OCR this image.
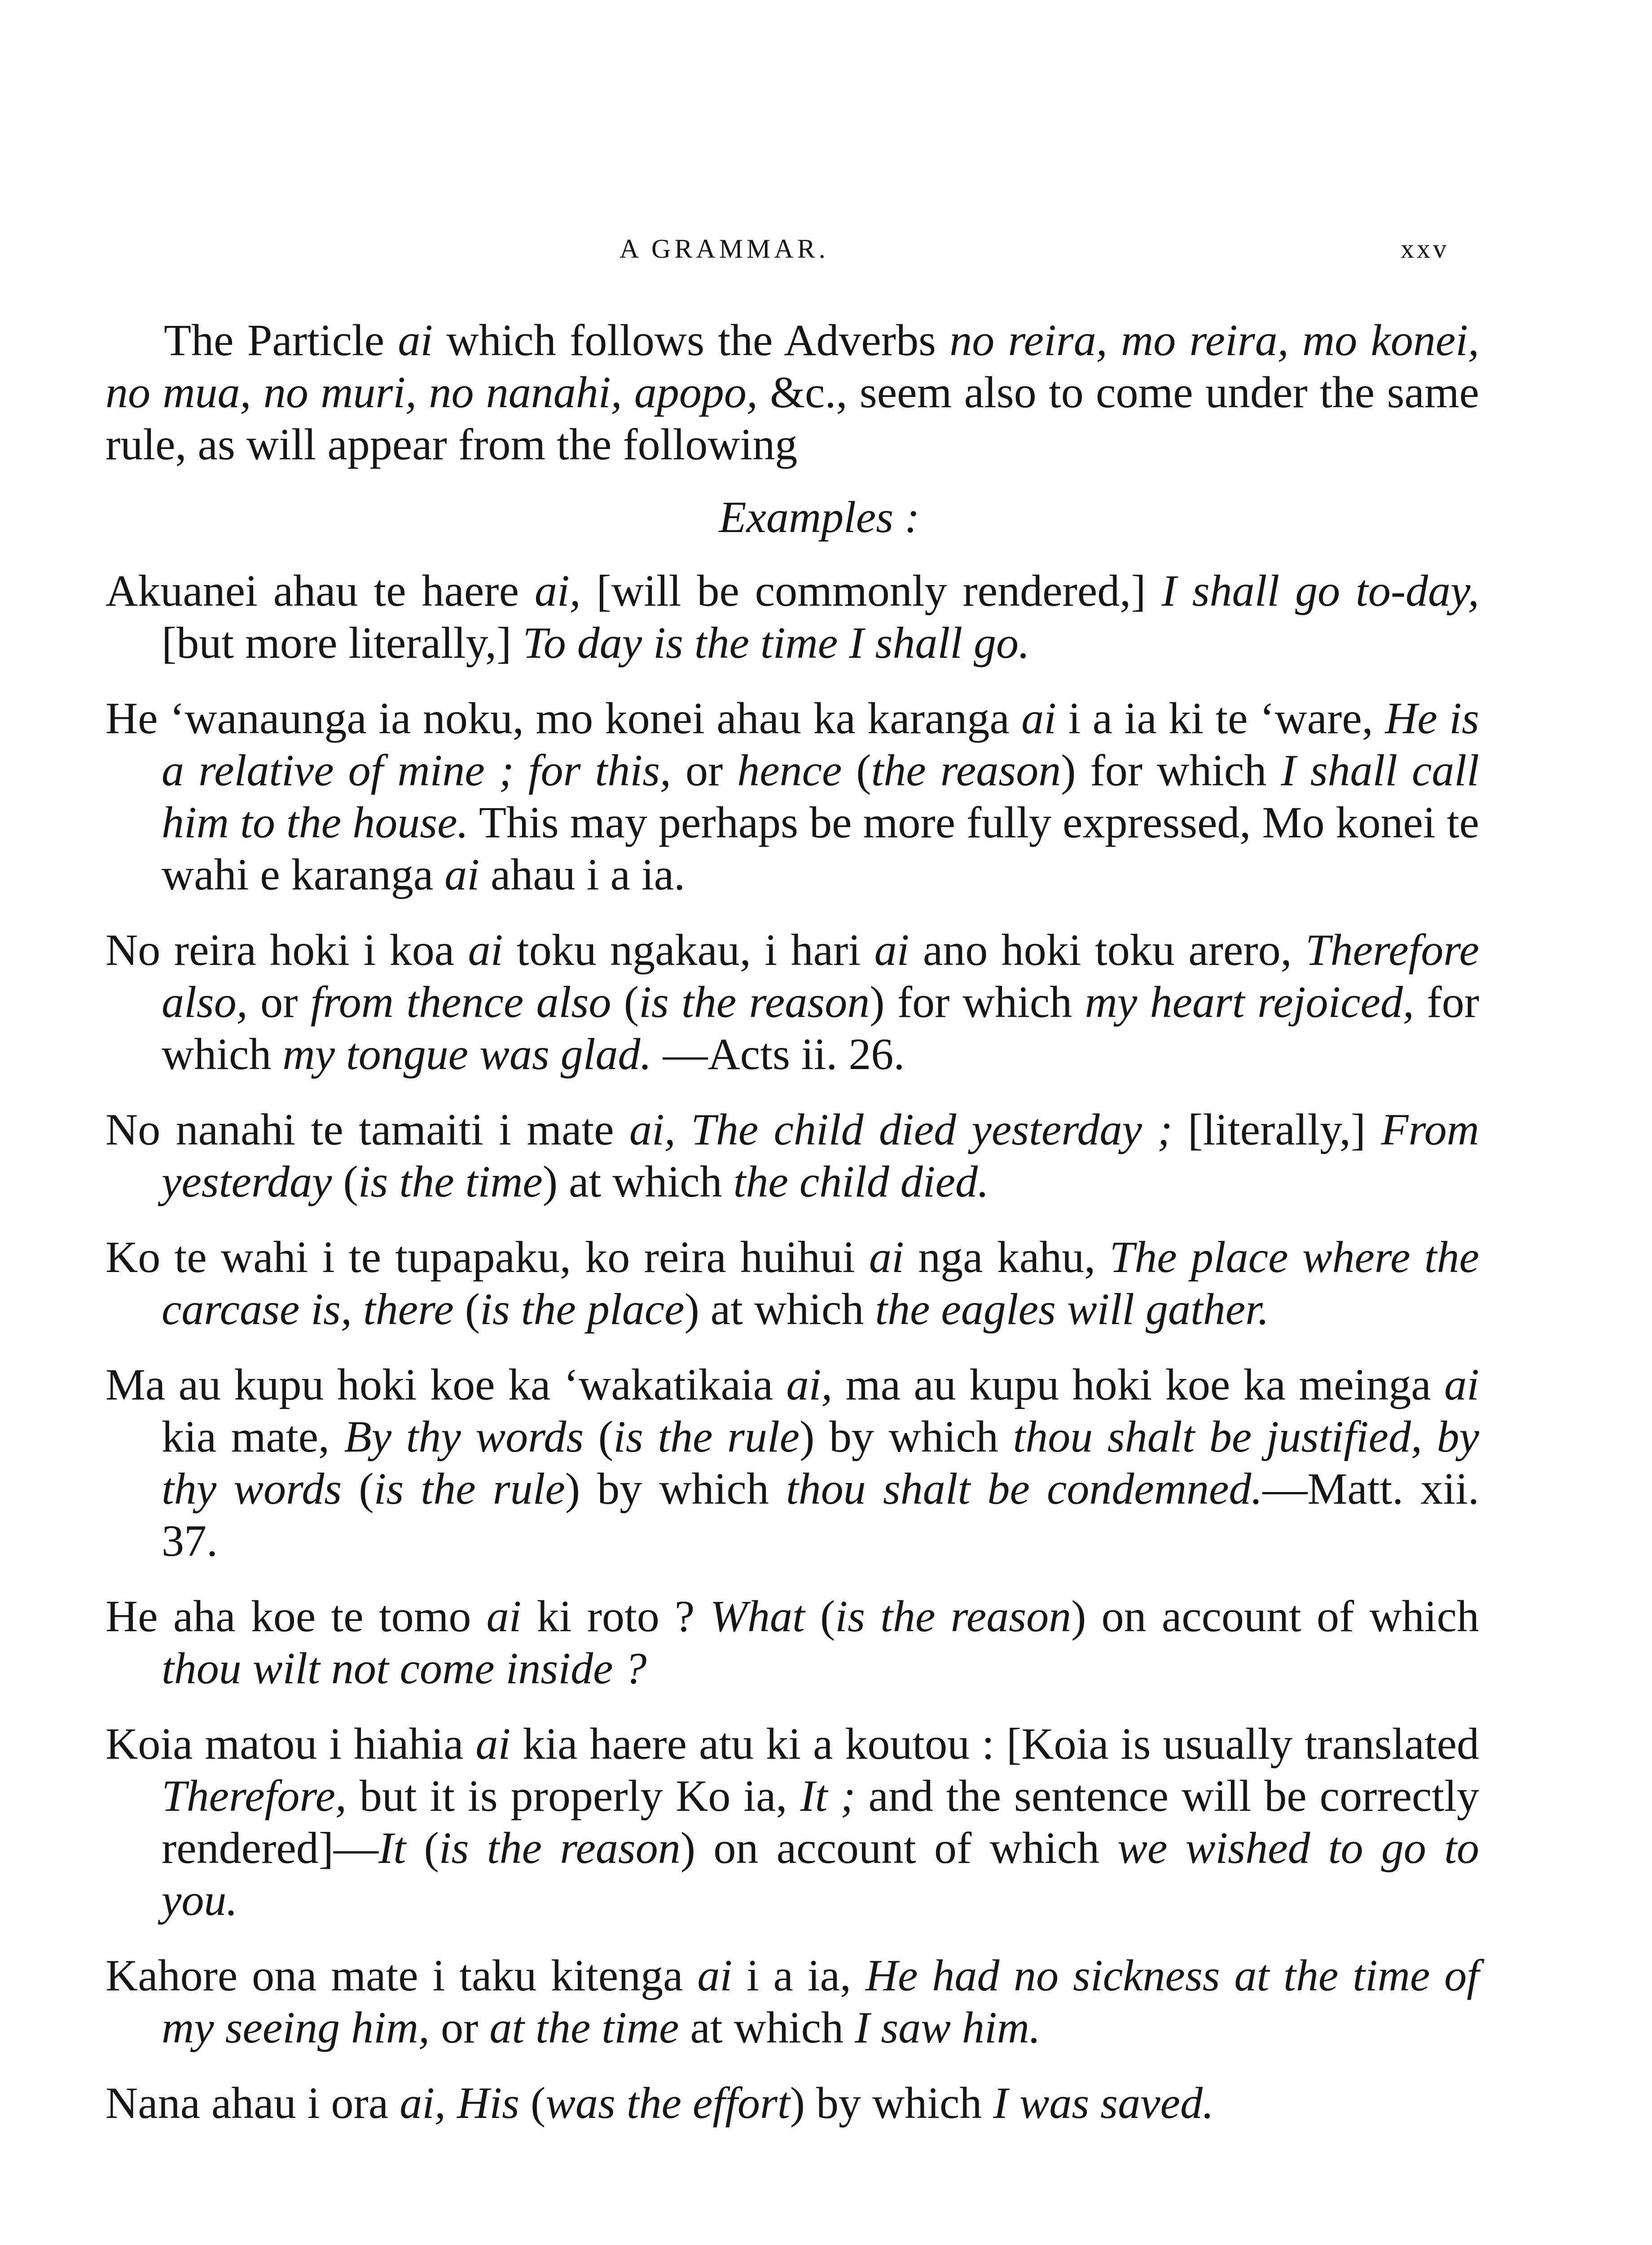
A GRAMMAR.	xxv

The Particle ai which follows the Adverbs no reira, mo reira, mo konei, no mua, no muri, no nanahi, apopo, &c., seem also to come under the same rule, as will appear from the following

Examples :

Akuanei ahau te haere ai, [will be commonly rendered,] I shall go to-day, [but more literally,] To day is the time I shall go.

He ‘wanaunga ia noku, mo konei ahau ka karanga ai i a ia ki te ‘ware, He is a relative of mine ; for this, or hence (the reason) for which I shall call him to the house. This may perhaps be more fully expressed, Mo konei te wahi e karanga ai ahau i a ia.

No reira hoki i koa ai toku ngakau, i hari ai ano hoki toku arero, Therefore also, or from thence also (is the reason) for which my heart rejoiced, for which my tongue was glad. —Acts ii. 26.

No nanahi te tamaiti i mate ai, The child died yesterday ; [literally,] From yesterday (is the time) at which the child died.

Ko te wahi i te tupapaku, ko reira huihui ai nga kahu, The place where the carcase is, there (is the place) at which the eagles will gather.

Ma au kupu hoki koe ka ‘wakatikaia ai, ma au kupu hoki koe ka meinga ai kia mate, By thy words (is the rule) by which thou shalt be justified, by thy words (is the rule) by which thou shalt be condemned.—Matt. xii. 37.

He aha koe te tomo ai ki roto ? What (is the reason) on account of which thou wilt not come inside ?

Koia matou i hiahia ai kia haere atu ki a koutou : [Koia is usually translated Therefore, but it is properly Ko ia, It ; and the sentence will be correctly rendered]—It (is the reason) on account of which we wished to go to you.

Kahore ona mate i taku kitenga ai i a ia, He had no sickness at the time of my seeing him, or at the time at which I saw him.

Nana ahau i ora ai, His (was the effort) by which I was saved.
